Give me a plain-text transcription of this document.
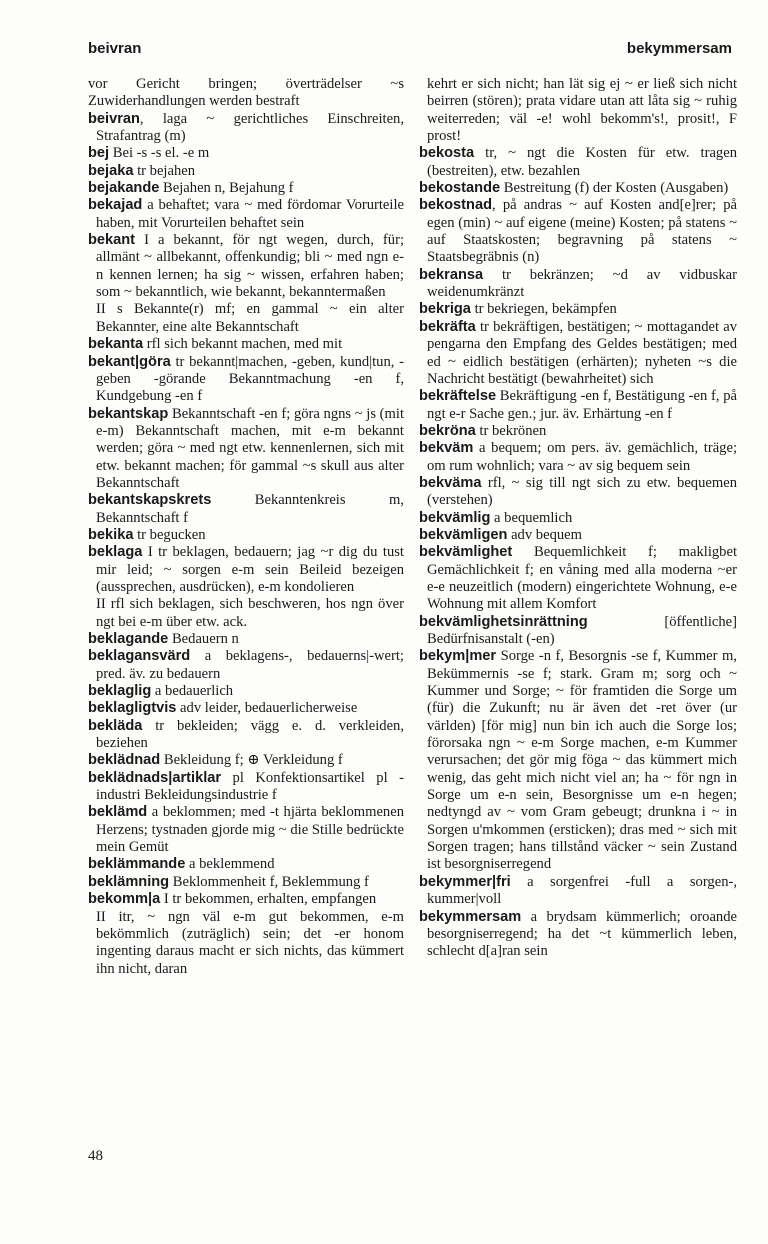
beivran	bekymmersam

vor Gericht bringen; överträdelser ~s Zuwiderhandlungen werden bestraft

beivran, laga ~ gerichtliches Einschreiten, Strafantrag (m)

bej Bei -s -s el. -e m

bejaka tr bejahen

bejakande Bejahen n, Bejahung f

bekajad a behaftet; vara ~ med fördomar Vorurteile haben, mit Vorurteilen behaftet sein

bekant I a bekannt, för ngt wegen, durch, für; allmänt ~ allbekannt, offenkundig; bli ~ med ngn e-n kennen lernen; ha sig ~ wissen, erfahren haben; som ~ bekanntlich, wie bekannt, bekanntermaßen

II s Bekannte(r) mf; en gammal ~ ein alter Bekannter, eine alte Bekanntschaft

bekanta rfl sich bekannt machen, med mit

bekant|göra tr bekannt|machen, -geben, kund|tun, -geben -görande Bekanntmachung -en f, Kundgebung -en f

bekantskap Bekanntschaft -en f; göra ngns ~ js (mit e-m) Bekanntschaft machen, mit e-m bekannt werden; göra ~ med ngt etw. kennenlernen, sich mit etw. bekannt machen; för gammal ~s skull aus alter Bekanntschaft

bekantskapskrets Bekanntenkreis m, Bekanntschaft f

bekika tr begucken

beklaga I tr beklagen, bedauern; jag ~r dig du tust mir leid; ~ sorgen e-m sein Beileid bezeigen (aussprechen, ausdrücken), e-m kondolieren

II rfl sich beklagen, sich beschweren, hos ngn över ngt bei e-m über etw. ack.

beklagande Bedauern n

beklagansvärd a beklagens-, bedauerns|-wert; pred. äv. zu bedauern

beklaglig a bedauerlich

beklagligtvis adv leider, bedauerlicherweise

bekläda tr bekleiden; vägg e. d. verkleiden, beziehen

beklädnad Bekleidung f; ⊕ Verkleidung f

beklädnads|artiklar pl Konfektionsartikel pl -industri Bekleidungsindustrie f

beklämd a beklommen; med -t hjärta beklommenen Herzens; tystnaden gjorde mig ~ die Stille bedrückte mein Gemüt

beklämmande a beklemmend

beklämning Beklommenheit f, Beklemmung f

bekomm|a I tr bekommen, erhalten, empfangen

II itr, ~ ngn väl e-m gut bekommen, e-m bekömmlich (zuträglich) sein; det -er honom ingenting daraus macht er sich nichts, das kümmert ihn nicht, daran

kehrt er sich nicht; han lät sig ej ~ er ließ sich nicht beirren (stören); prata vidare utan att låta sig ~ ruhig weiterreden; väl -e! wohl bekomm's!, prosit!, F prost!

bekosta tr, ~ ngt die Kosten für etw. tragen (bestreiten), etw. bezahlen

bekostande Bestreitung (f) der Kosten (Ausgaben)

bekostnad, på andras ~ auf Kosten and[e]rer; på egen (min) ~ auf eigene (meine) Kosten; på statens ~ auf Staatskosten; begravning på statens ~ Staatsbegräbnis (n)

bekransa tr bekränzen; ~d av vidbuskar weidenumkränzt

bekriga tr bekriegen, bekämpfen

bekräfta tr bekräftigen, bestätigen; ~ mottagandet av pengarna den Empfang des Geldes bestätigen; med ed ~ eidlich bestätigen (erhärten); nyheten ~s die Nachricht bestätigt (bewahrheitet) sich

bekräftelse Bekräftigung -en f, Bestätigung -en f, på ngt e-r Sache gen.; jur. äv. Erhärtung -en f

bekröna tr bekrönen

bekväm a bequem; om pers. äv. gemächlich, träge; om rum wohnlich; vara ~ av sig bequem sein

bekväma rfl, ~ sig till ngt sich zu etw. bequemen (verstehen)

bekvämlig a bequemlich

bekvämligen adv bequem

bekvämlighet Bequemlichkeit f; makligbet Gemächlichkeit f; en våning med alla moderna ~er e-e neuzeitlich (modern) eingerichtete Wohnung, e-e Wohnung mit allem Komfort

bekvämlighetsinrättning [öffentliche] Bedürfnisanstalt (-en)

bekym|mer Sorge -n f, Besorgnis -se f, Kummer m, Bekümmernis -se f; stark. Gram m; sorg och ~ Kummer und Sorge; ~ för framtiden die Sorge um (für) die Zukunft; nu är även det -ret över (ur världen) [för mig] nun bin ich auch die Sorge los; förorsaka ngn ~ e-m Sorge machen, e-m Kummer verursachen; det gör mig föga ~ das kümmert mich wenig, das geht mich nicht viel an; ha ~ för ngn in Sorge um e-n sein, Besorgnisse um e-n hegen; nedtyngd av ~ vom Gram gebeugt; drunkna i ~ in Sorgen u'mkommen (ersticken); dras med ~ sich mit Sorgen tragen; hans tillstånd väcker ~ sein Zustand ist besorgniserregend

bekymmer|fri a sorgenfrei -full a sorgen-, kummer|voll

bekymmersam a brydsam kümmerlich; oroande besorgniserregend; ha det ~t kümmerlich leben, schlecht d[a]ran sein

48
